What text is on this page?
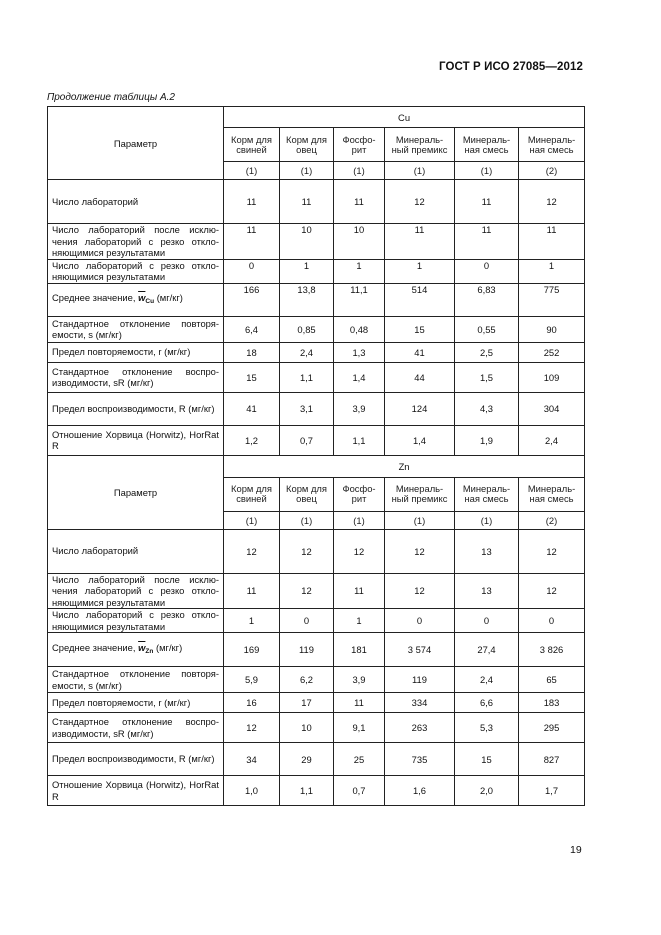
ГОСТ Р ИСО 27085—2012
Продолжение таблицы А.2
Параметр	Cu					
	Корм для свиней	Корм для овец	Фосфо-рит	Минераль-ный премикс	Минераль-ная смесь	Минераль-ная смесь
	(1)	(1)	(1)	(1)	(1)	(2)
Число лабораторий	11	11	11	12	11	12
Число лабораторий после исклю-чения лабораторий с резко откло-няющимися результатами	11	10	10	11	11	11
Число лабораторий с резко откло-няющимися результатами	0	1	1	1	0	1
Среднее значение, $\overline{w}_{Cu}$ (мг/кг)	166	13,8	11,1	514	6,83	775
Стандартное отклонение повторя-емости, s (мг/кг)	6,4	0,85	0,48	15	0,55	90
Предел повторяемости, r (мг/кг)	18	2,4	1,3	41	2,5	252
Стандартное отклонение воспро-изводимости, sR (мг/кг)	15	1,1	1,4	44	1,5	109
Предел воспроизводимости, R (мг/кг)	41	3,1	3,9	124	4,3	304
Отношение Хорвица (Horwitz), HorRat R	1,2	0,7	1,1	1,4	1,9	2,4
Параметр	Zn					
	Корм для свиней	Корм для овец	Фосфо-рит	Минераль-ный премикс	Минераль-ная смесь	Минераль-ная смесь
	(1)	(1)	(1)	(1)	(1)	(2)
Число лабораторий	12	12	12	12	13	12
Число лабораторий после исклю-чения лабораторий с резко откло-няющимися результатами	11	12	11	12	13	12
Число лабораторий с резко откло-няющимися результатами	1	0	1	0	0	0
Среднее значение, $\overline{w}_{Zn}$ (мг/кг)	169	119	181	3 574	27,4	3 826
Стандартное отклонение повторя-емости, s (мг/кг)	5,9	6,2	3,9	119	2,4	65
Предел повторяемости, r (мг/кг)	16	17	11	334	6,6	183
Стандартное отклонение воспро-изводимости, sR (мг/кг)	12	10	9,1	263	5,3	295
Предел воспроизводимости, R (мг/кг)	34	29	25	735	15	827
Отношение Хорвица (Horwitz), HorRat R	1,0	1,1	0,7	1,6	2,0	1,7
19
